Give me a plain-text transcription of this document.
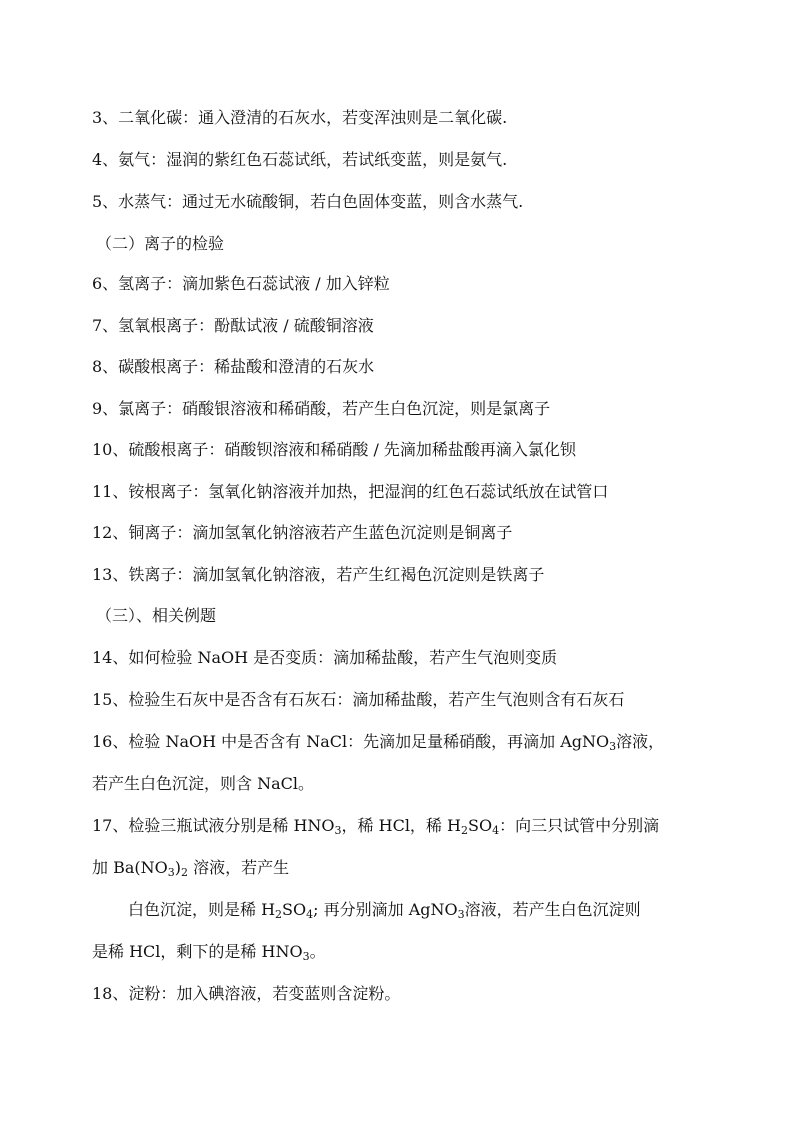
3、二氧化碳：通入澄清的石灰水，若变浑浊则是二氧化碳.
4、氨气：湿润的紫红色石蕊试纸，若试纸变蓝，则是氨气.
5、水蒸气：通过无水硫酸铜，若白色固体变蓝，则含水蒸气.
（二）离子的检验
6、氢离子：滴加紫色石蕊试液 / 加入锌粒
7、氢氧根离子：酚酞试液 / 硫酸铜溶液
8、碳酸根离子：稀盐酸和澄清的石灰水
9、氯离子：硝酸银溶液和稀硝酸，若产生白色沉淀，则是氯离子
10、硫酸根离子：硝酸钡溶液和稀硝酸 / 先滴加稀盐酸再滴入氯化钡
11、铵根离子：氢氧化钠溶液并加热，把湿润的红色石蕊试纸放在试管口
12、铜离子：滴加氢氧化钠溶液若产生蓝色沉淀则是铜离子
13、铁离子：滴加氢氧化钠溶液，若产生红褐色沉淀则是铁离子
（三）、相关例题
14、如何检验 NaOH 是否变质：滴加稀盐酸，若产生气泡则变质
15、检验生石灰中是否含有石灰石：滴加稀盐酸，若产生气泡则含有石灰石
16、检验 NaOH 中是否含有 NaCl：先滴加足量稀硝酸，再滴加 AgNO$_3$溶液，
若产生白色沉淀，则含 NaCl。
17、检验三瓶试液分别是稀 $HNO_3$，稀 HCl，稀 $H_2SO_4$：向三只试管中分别滴
加 $Ba(NO_3)_2$ 溶液，若产生
白色沉淀，则是稀 $H_2SO_4$; 再分别滴加 AgNO$_3$溶液，若产生白色沉淀则
是稀 HCl，剩下的是稀 $HNO_3$。
18、淀粉：加入碘溶液，若变蓝则含淀粉。
